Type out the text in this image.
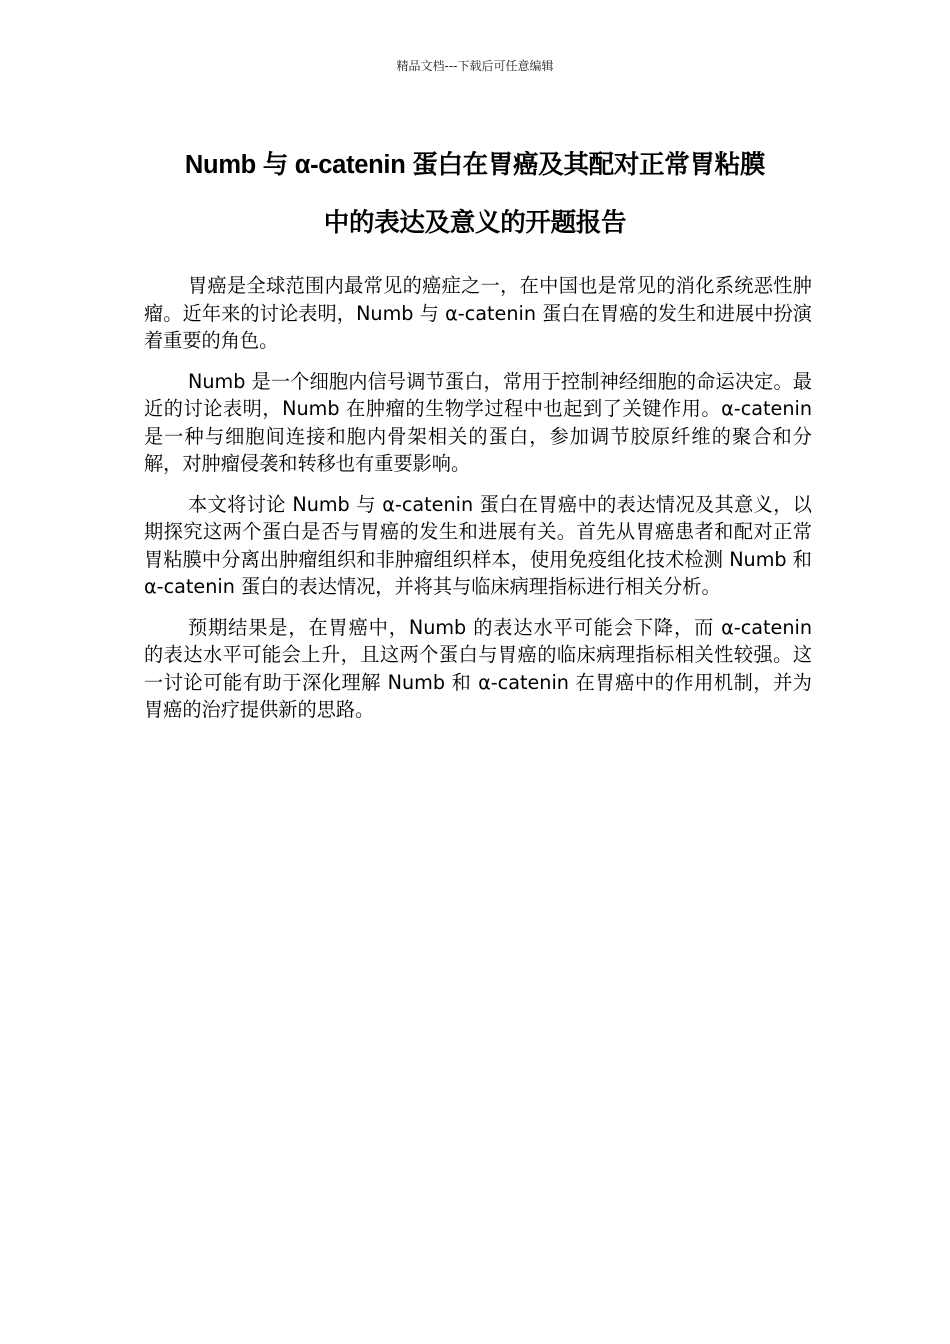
精品文档---下载后可任意编辑
Numb 与 α-catenin 蛋白在胃癌及其配对正常胃粘膜
中的表达及意义的开题报告

胃癌是全球范围内最常见的癌症之一，在中国也是常见的消化系统恶性肿瘤。近年来的讨论表明，Numb 与 α-catenin 蛋白在胃癌的发生和进展中扮演着重要的角色。

Numb 是一个细胞内信号调节蛋白，常用于控制神经细胞的命运决定。最近的讨论表明，Numb 在肿瘤的生物学过程中也起到了关键作用。α-catenin 是一种与细胞间连接和胞内骨架相关的蛋白，参加调节胶原纤维的聚合和分解，对肿瘤侵袭和转移也有重要影响。

本文将讨论 Numb 与 α-catenin 蛋白在胃癌中的表达情况及其意义，以期探究这两个蛋白是否与胃癌的发生和进展有关。首先从胃癌患者和配对正常胃粘膜中分离出肿瘤组织和非肿瘤组织样本，使用免疫组化技术检测 Numb 和 α-catenin 蛋白的表达情况，并将其与临床病理指标进行相关分析。

预期结果是，在胃癌中，Numb 的表达水平可能会下降，而 α-catenin 的表达水平可能会上升，且这两个蛋白与胃癌的临床病理指标相关性较强。这一讨论可能有助于深化理解 Numb 和 α-catenin 在胃癌中的作用机制，并为胃癌的治疗提供新的思路。
